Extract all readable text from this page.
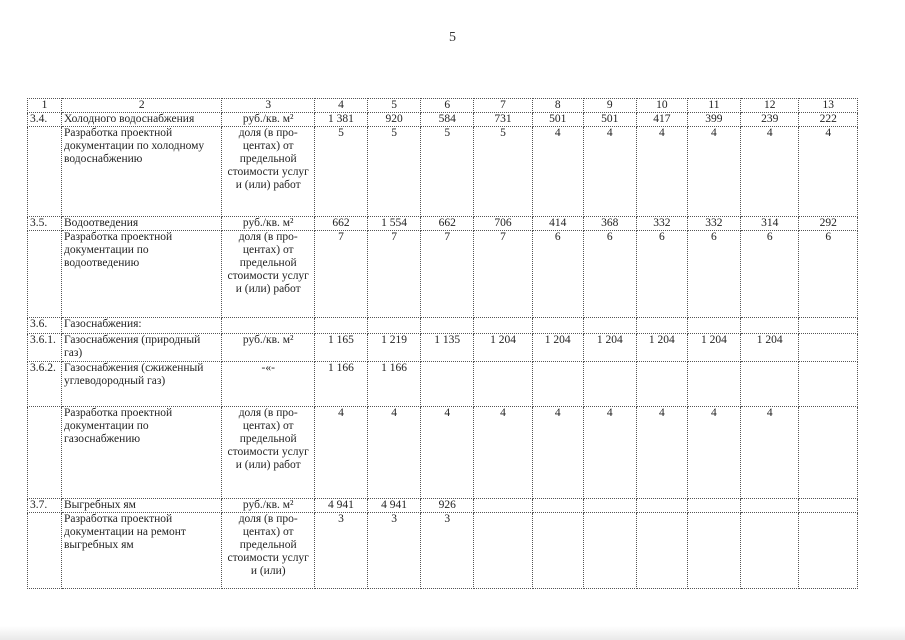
5
1	2	3	4	5	6	7	8	9	10	11	12	13
3.4.	Холодного водоснабжения	руб./кв. м²	1 381	920	584	731	501	501	417	399	239	222
	Разработка проектной документации по холодному водоснабжению	доля (в про-центах) от предельной стоимости услуг и (или) работ	5	5	5	5	4	4	4	4	4	4
3.5.	Водоотведения	руб./кв. м²	662	1 554	662	706	414	368	332	332	314	292
	Разработка проектной документации по водоотведению	доля (в про-центах) от предельной стоимости услуг и (или) работ	7	7	7	7	6	6	6	6	6	6
3.6.	Газоснабжения:											
3.6.1.	Газоснабжения (природный газ)	руб./кв. м²	1 165	1 219	1 135	1 204	1 204	1 204	1 204	1 204	1 204	
3.6.2.	Газоснабжения (сжиженный углеводородный газ)	-«-	1 166	1 166								
	Разработка проектной документации по газоснабжению	доля (в про-центах) от предельной стоимости услуг и (или) работ	4	4	4	4	4	4	4	4	4	
3.7.	Выгребных ям	руб./кв. м²	4 941	4 941	926							
	Разработка проектной документации на ремонт выгребных ям	доля (в про-центах) от предельной стоимости услуг и (или)	3	3	3							
